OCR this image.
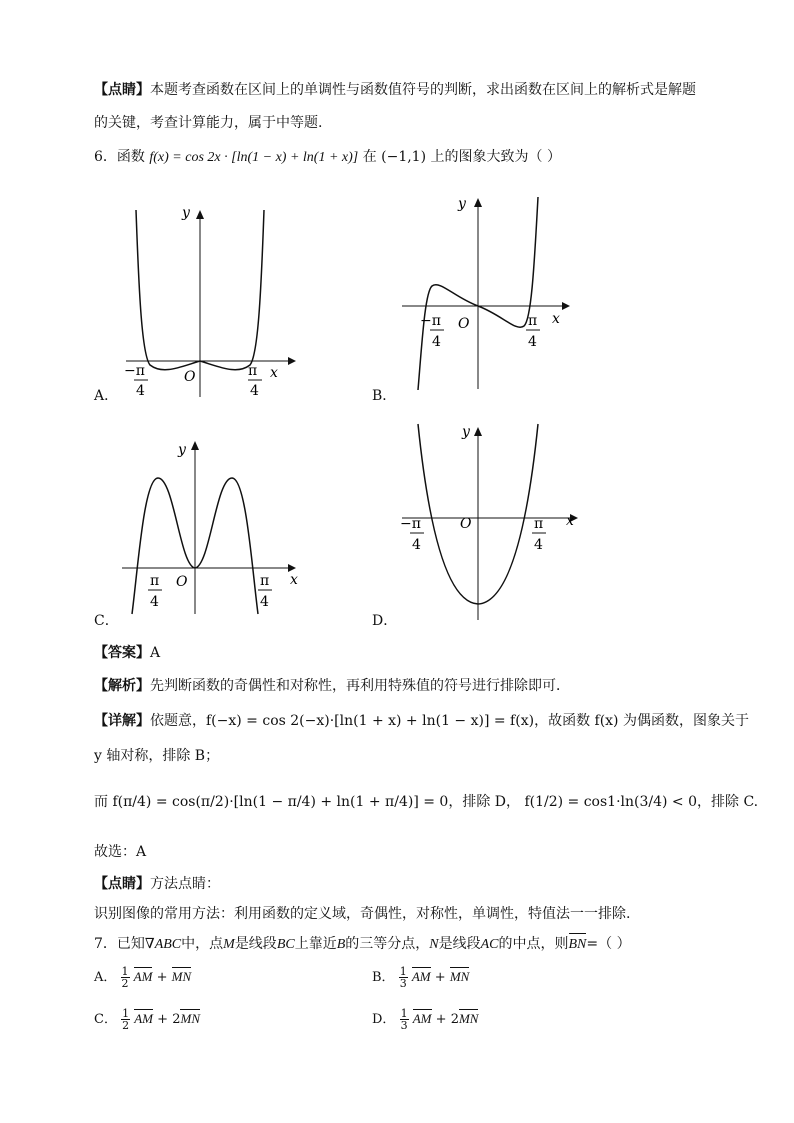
【点睛】本题考查函数在区间上的单调性与函数值符号的判断，求出函数在区间上的解析式是解题
的关键，考查计算能力，属于中等题.
6．函数 f(x) = cos 2x · [ln(1 − x) + ln(1 + x)] 在 (−1,1) 上的图象大致为（ ）
y
x
O
−π
4
π
4
A．
y
x
O
−π
4
π
4
B．
y
x
O
π
4
π
4
C．
y
x
O
−π
4
π
4
D．
【答案】A
【解析】先判断函数的奇偶性和对称性，再利用特殊值的符号进行排除即可．
【详解】依题意，f(−x) = cos 2(−x)·[ln(1 + x) + ln(1 − x)] = f(x)，故函数 f(x) 为偶函数，图象关于
y 轴对称，排除 B；
而 f(π/4) = cos(π/2)·[ln(1 − π/4) + ln(1 + π/4)] = 0，排除 D， f(1/2) = cos1·ln(3/4) < 0，排除 C.
故选：A
【点睛】方法点睛：
识别图像的常用方法：利用函数的定义域，奇偶性，对称性，单调性，特值法一一排除.
7．已知∇ABC中，点M是线段BC上靠近B的三等分点，N是线段AC的中点，则BN=（ ）
A． $\frac{1}{2}$ AM + MN	B． $\frac{1}{3}$ AM + MN
C． $\frac{1}{2}$ AM + 2MN	D． $\frac{1}{3}$ AM + 2MN
